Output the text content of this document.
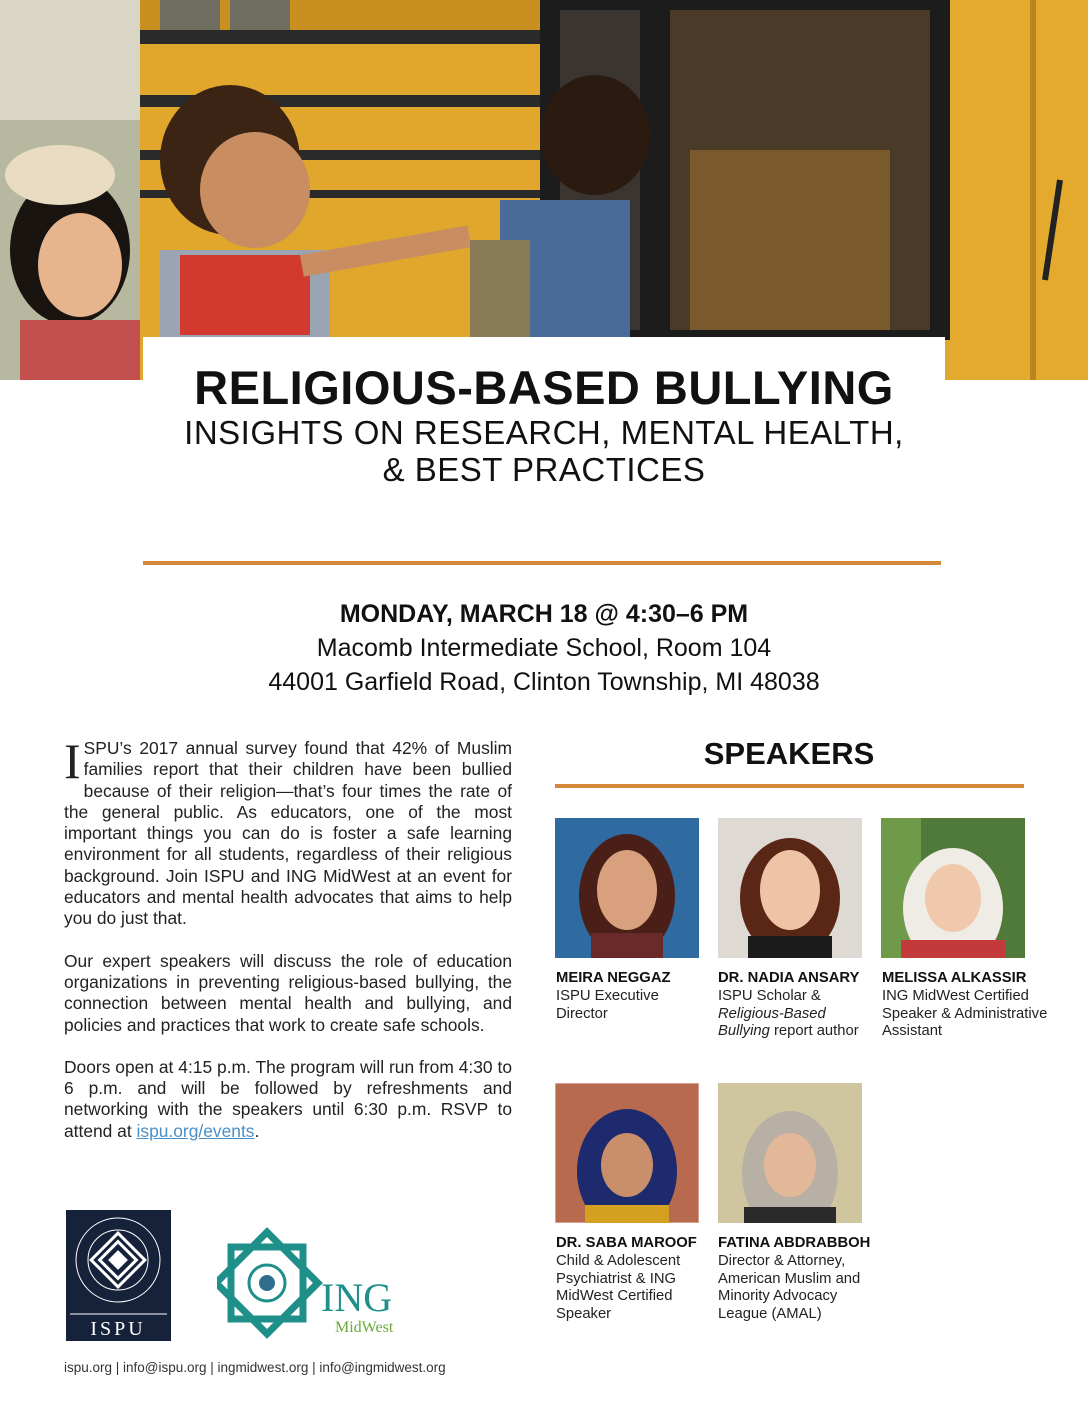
RELIGIOUS-BASED BULLYING
INSIGHTS ON RESEARCH, MENTAL HEALTH,
& BEST PRACTICES
MONDAY, MARCH 18 @ 4:30–6 PM
Macomb Intermediate School, Room 104
44001 Garfield Road, Clinton Township, MI 48038

ISPU’s 2017 annual survey found that 42% of Muslim families report that their children have been bullied because of their religion—that’s four times the rate of the general public. As educators, one of the most important things you can do is foster a safe learning environment for all students, regardless of their religious background. Join ISPU and ING MidWest at an event for educators and mental health advocates that aims to help you do just that.

Our expert speakers will discuss the role of education organizations in preventing religious-based bullying, the connection between mental health and bullying, and policies and practices that work to create safe schools.

Doors open at 4:15 p.m. The program will run from 4:30 to 6 p.m. and will be followed by refreshments and networking with the speakers until 6:30 p.m. RSVP to attend at ispu.org/events.

ISPU
ING
MidWest
ispu.org | info@ispu.org | ingmidwest.org | info@ingmidwest.org
SPEAKERS
MEIRA NEGGAZ
ISPU Executive Director
DR. NADIA ANSARY
ISPU Scholar & Religious-Based Bullying report author
MELISSA ALKASSIR
ING MidWest Certified Speaker & Administrative Assistant
DR. SABA MAROOF
Child & Adolescent Psychiatrist & ING MidWest Certified Speaker
FATINA ABDRABBOH
Director & Attorney, American Muslim and Minority Advocacy League (AMAL)
